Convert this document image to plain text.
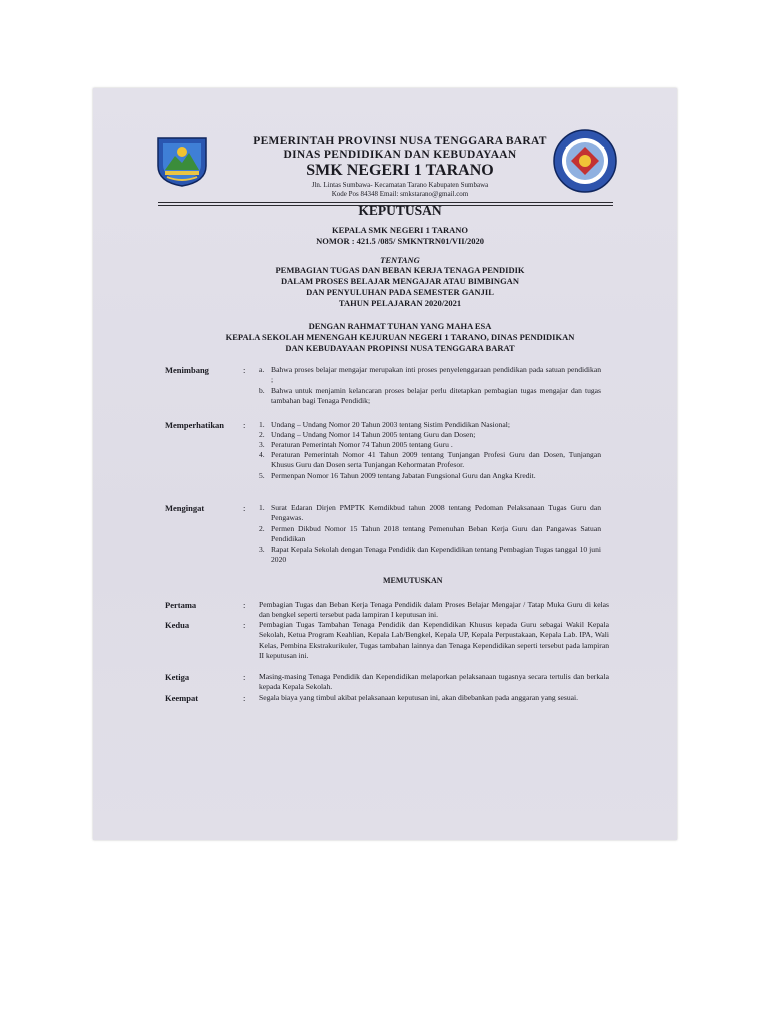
PEMERINTAH PROVINSI NUSA TENGGARA BARAT
DINAS PENDIDIKAN DAN KEBUDAYAAN
SMK NEGERI 1 TARANO
Jln. Lintas Sumbawa- Kecamatan Tarano Kabupaten Sumbawa
Kode Pos 84348 Email: smkstarano@gmail.com
KEPUTUSAN
KEPALA SMK NEGERI 1 TARANO
NOMOR : 421.5 /085/ SMKNTRN01/VII/2020
TENTANG
PEMBAGIAN TUGAS DAN BEBAN KERJA TENAGA PENDIDIK
DALAM PROSES BELAJAR MENGAJAR ATAU BIMBINGAN
DAN PENYULUHAN PADA SEMESTER GANJIL
TAHUN PELAJARAN 2020/2021
DENGAN RAHMAT TUHAN YANG MAHA ESA
KEPALA SEKOLAH MENENGAH KEJURUAN NEGERI 1 TARANO, DINAS PENDIDIKAN
DAN KEBUDAYAAN PROPINSI NUSA TENGGARA BARAT
Menimbang	: a. Bahwa proses belajar mengajar merupakan inti proses penyelenggaraan pendidikan pada satuan pendidikan ;
b. Bahwa untuk menjamin kelancaran proses belajar perlu ditetapkan pembagian tugas mengajar dan tugas tambahan bagi Tenaga Pendidik;
Memperhatikan : 1. Undang – Undang Nomor 20 Tahun 2003 tentang Sistim Pendidikan Nasional;
2. Undang – Undang Nomor 14 Tahun 2005 tentang Guru dan Dosen;
3. Peraturan Pemerintah Nomor 74 Tahun 2005 tentang Guru .
4. Peraturan Pemerintah Nomor 41 Tahun 2009 tentang Tunjangan Profesi Guru dan Dosen, Tunjangan Khusus Guru dan Dosen serta Tunjangan Kehormatan Profesor.
5. Permenpan Nomor 16 Tahun 2009 tentang Jabatan Fungsional Guru dan Angka Kredit.
Mengingat	: 1. Surat Edaran Dirjen PMPTK Kemdikbud tahun 2008 tentang Pedoman Pelaksanaan Tugas Guru dan Pengawas.
2. Permen Dikbud Nomor 15 Tahun 2018 tentang Pemenuhan Beban Kerja Guru dan Pangawas Satuan Pendidikan
3. Rapat Kepala Sekolah dengan Tenaga Pendidik dan Kependidikan tentang Pembagian Tugas tanggal 10 juni 2020
MEMUTUSKAN
Pertama	: Pembagian Tugas dan Beban Kerja Tenaga Pendidik dalam Proses Belajar Mengajar / Tatap Muka Guru di kelas dan bengkel seperti tersebut pada lampiran I keputusan ini.
Kedua	: Pembagian Tugas Tambahan Tenaga Pendidik dan Kependidikan Khusus kepada Guru sebagai Wakil Kepala Sekolah, Ketua Program Keahlian, Kepala Lab/Bengkel, Kepala UP, Kepala Perpustakaan, Kepala Lab. IPA, Wali Kelas, Pembina Ekstrakurikuler, Tugas tambahan lainnya dan Tenaga Kependidikan seperti tersebut pada lampiran II keputusan ini.
Ketiga	: Masing-masing Tenaga Pendidik dan Kependidikan melaporkan pelaksanaan tugasnya secara tertulis dan berkala kepada Kepala Sekolah.
Keempat	: Segala biaya yang timbul akibat pelaksanaan keputusan ini, akan dibebankan pada anggaran yang sesuai.
